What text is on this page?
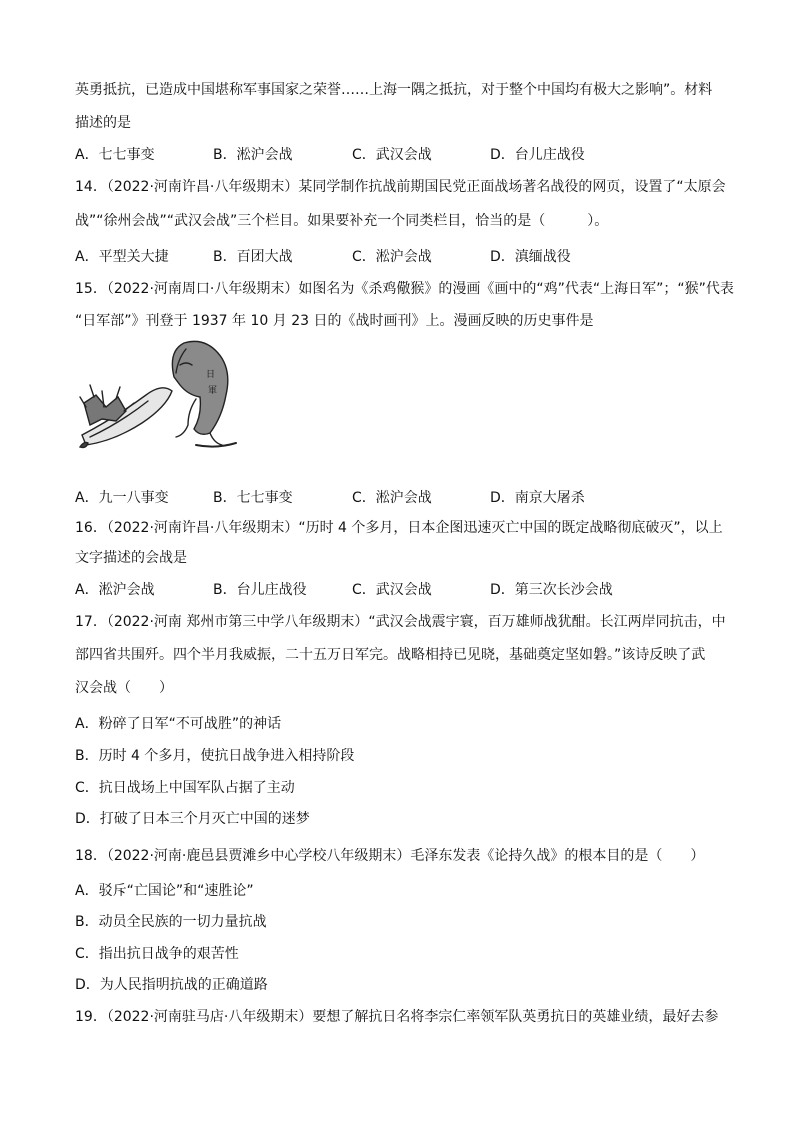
英勇抵抗，已造成中国堪称军事国家之荣誉……上海一隅之抵抗，对于整个中国均有极大之影响”。材料
描述的是
A．七七事变	B．淞沪会战	C．武汉会战	D．台儿庄战役
14．（2022·河南许昌·八年级期末）某同学制作抗战前期国民党正面战场著名战役的网页，设置了“太原会
战”“徐州会战”“武汉会战”三个栏目。如果要补充一个同类栏目，恰当的是（　　　）。
A．平型关大捷	B．百团大战	C．淞沪会战	D．滇缅战役
15．（2022·河南周口·八年级期末）如图名为《杀鸡儆猴》的漫画《画中的“鸡”代表“上海日军”；“猴”代表
“日军部”》刊登于 1937 年 10 月 23 日的《战时画刊》上。漫画反映的历史事件是
日
軍
A．九一八事变	B．七七事变	C．淞沪会战	D．南京大屠杀
16．（2022·河南许昌·八年级期末）“历时 4 个多月，日本企图迅速灭亡中国的既定战略彻底破灭”，以上
文字描述的会战是
A．淞沪会战	B．台儿庄战役	C．武汉会战	D．第三次长沙会战
17．（2022·河南 郑州市第三中学八年级期末）“武汉会战震宇寰，百万雄师战犹酣。长江两岸同抗击，中
部四省共围歼。四个半月我威振，二十五万日军完。战略相持已见晓，基础奠定坚如磐。”该诗反映了武
汉会战（　　）
A．粉碎了日军“不可战胜”的神话
B．历时 4 个多月，使抗日战争进入相持阶段
C．抗日战场上中国军队占据了主动
D．打破了日本三个月灭亡中国的迷梦
18．（2022·河南·鹿邑县贾滩乡中心学校八年级期末）毛泽东发表《论持久战》的根本目的是（　　）
A．驳斥“亡国论”和“速胜论”
B．动员全民族的一切力量抗战
C．指出抗日战争的艰苦性
D．为人民指明抗战的正确道路
19．（2022·河南驻马店·八年级期末）要想了解抗日名将李宗仁率领军队英勇抗日的英雄业绩，最好去参
